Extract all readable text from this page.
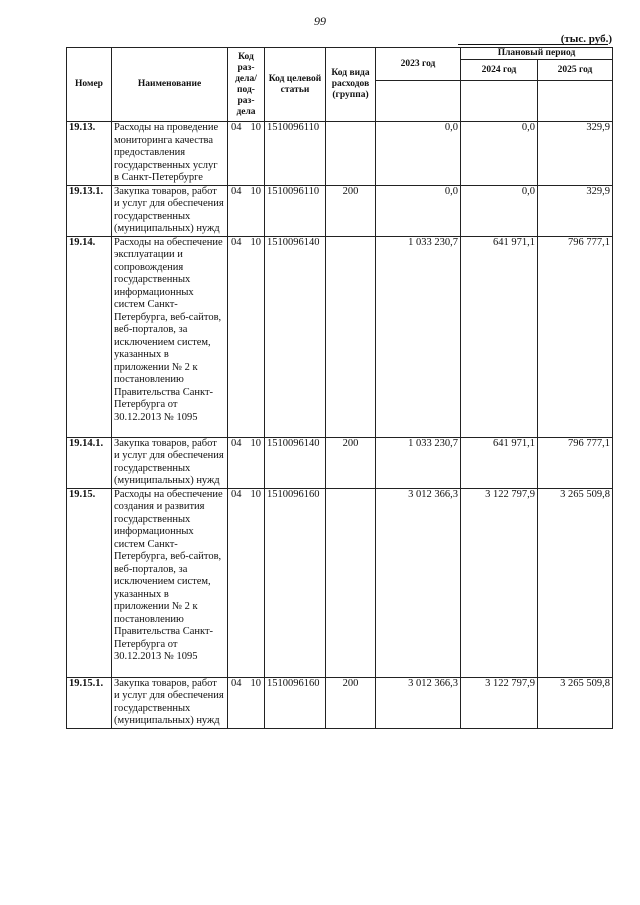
99
(тыс. руб.)
Номер	Наименование	Код раз-дела/ под-раз-дела	Код целевой статьи	Код вида расходов (группа)	2023 год	Плановый период	
						2024 год	2025 год

19.13.	Расходы на проведение мониторинга качества предоставления государственных услуг в Санкт-Петербурге	04 10	1510096110		0,0	0,0	329,9
19.13.1.	Закупка товаров, работ и услуг для обеспечения государственных (муниципальных) нужд	04 10	1510096110	200	0,0	0,0	329,9
19.14.	Расходы на обеспечение эксплуатации и сопровождения государственных информационных систем Санкт-Петербурга, веб-сайтов, веб-порталов, за исключением систем, указанных в приложении № 2 к постановлению Правительства Санкт-Петербурга от 30.12.2013 № 1095	04 10	1510096140		1 033 230,7	641 971,1	796 777,1
19.14.1.	Закупка товаров, работ и услуг для обеспечения государственных (муниципальных) нужд	04 10	1510096140	200	1 033 230,7	641 971,1	796 777,1
19.15.	Расходы на обеспечение создания и развития государственных информационных систем Санкт-Петербурга, веб-сайтов, веб-порталов, за исключением систем, указанных в приложении № 2 к постановлению Правительства Санкт-Петербурга от 30.12.2013 № 1095	04 10	1510096160		3 012 366,3	3 122 797,9	3 265 509,8
19.15.1.	Закупка товаров, работ и услуг для обеспечения государственных (муниципальных) нужд	04 10	1510096160	200	3 012 366,3	3 122 797,9	3 265 509,8
